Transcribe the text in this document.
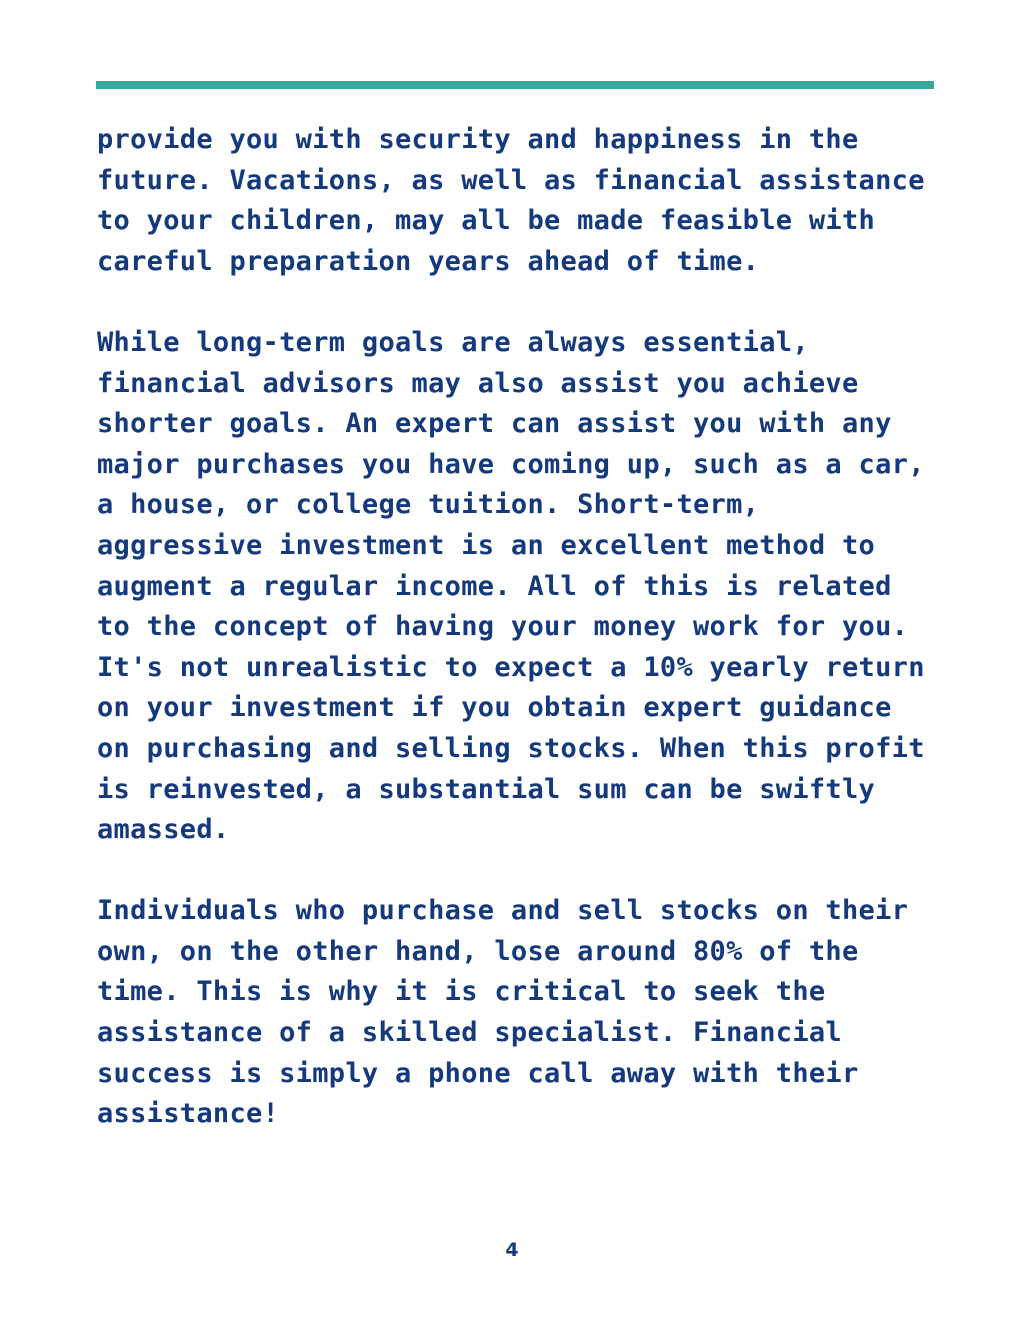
provide you with security and happiness in the
future. Vacations, as well as financial assistance
to your children, may all be made feasible with
careful preparation years ahead of time.

While long-term goals are always essential,
financial advisors may also assist you achieve
shorter goals. An expert can assist you with any
major purchases you have coming up, such as a car,
a house, or college tuition. Short-term,
aggressive investment is an excellent method to
augment a regular income. All of this is related
to the concept of having your money work for you.
It's not unrealistic to expect a 10% yearly return
on your investment if you obtain expert guidance
on purchasing and selling stocks. When this profit
is reinvested, a substantial sum can be swiftly
amassed.

Individuals who purchase and sell stocks on their
own, on the other hand, lose around 80% of the
time. This is why it is critical to seek the
assistance of a skilled specialist. Financial
success is simply a phone call away with their
assistance!

4
